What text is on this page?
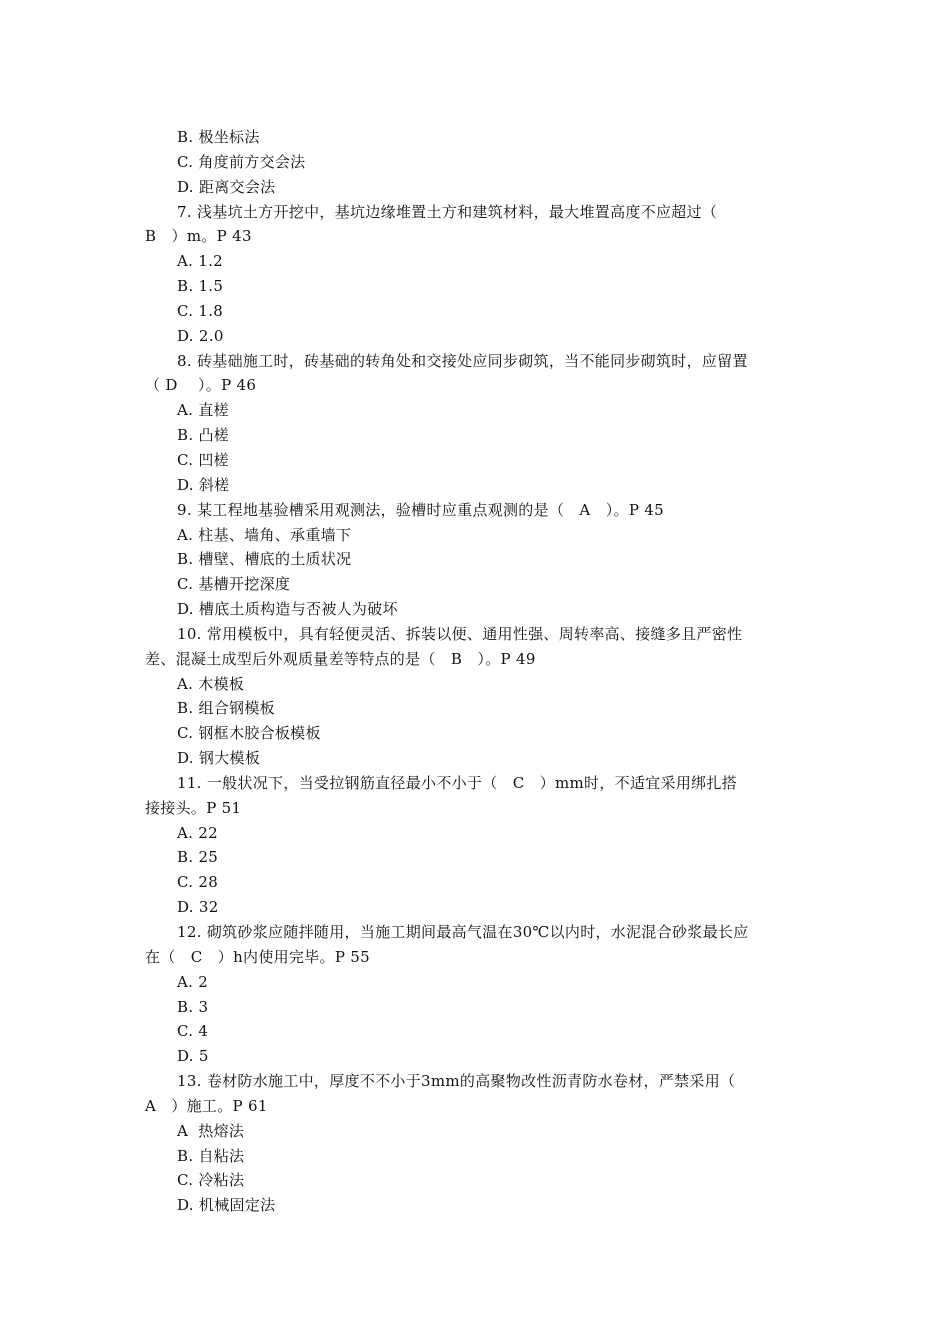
B. 极坐标法
C. 角度前方交会法
D. 距离交会法
7. 浅基坑土方开挖中，基坑边缘堆置土方和建筑材料，最大堆置高度不应超过（
B   ）m。P 43
A. 1.2
B. 1.5
C. 1.8
D. 2.0
8. 砖基础施工时，砖基础的转角处和交接处应同步砌筑，当不能同步砌筑时，应留置
（ D    ）。P 46
A. 直槎
B. 凸槎
C. 凹槎
D. 斜槎
9. 某工程地基验槽采用观测法，验槽时应重点观测的是（   A   ）。P 45
A. 柱基、墙角、承重墙下
B. 槽壁、槽底的土质状况
C. 基槽开挖深度
D. 槽底土质构造与否被人为破坏
10. 常用模板中，具有轻便灵活、拆装以便、通用性强、周转率高、接缝多且严密性
差、混凝土成型后外观质量差等特点的是（   B   ）。P 49
A. 木模板
B. 组合钢模板
C. 钢框木胶合板模板
D. 钢大模板
11. 一般状况下，当受拉钢筋直径最小不小于（   C   ）mm时，不适宜采用绑扎搭
接接头。P 51
A. 22
B. 25
C. 28
D. 32
12. 砌筑砂浆应随拌随用，当施工期间最高气温在30℃以内时，水泥混合砂浆最长应
在（   C   ）h内使用完毕。P 55
A. 2
B. 3
C. 4
D. 5
13. 卷材防水施工中，厚度不不小于3mm的高聚物改性沥青防水卷材，严禁采用（
A   ）施工。P 61
A  热熔法
B. 自粘法
C. 冷粘法
D. 机械固定法
